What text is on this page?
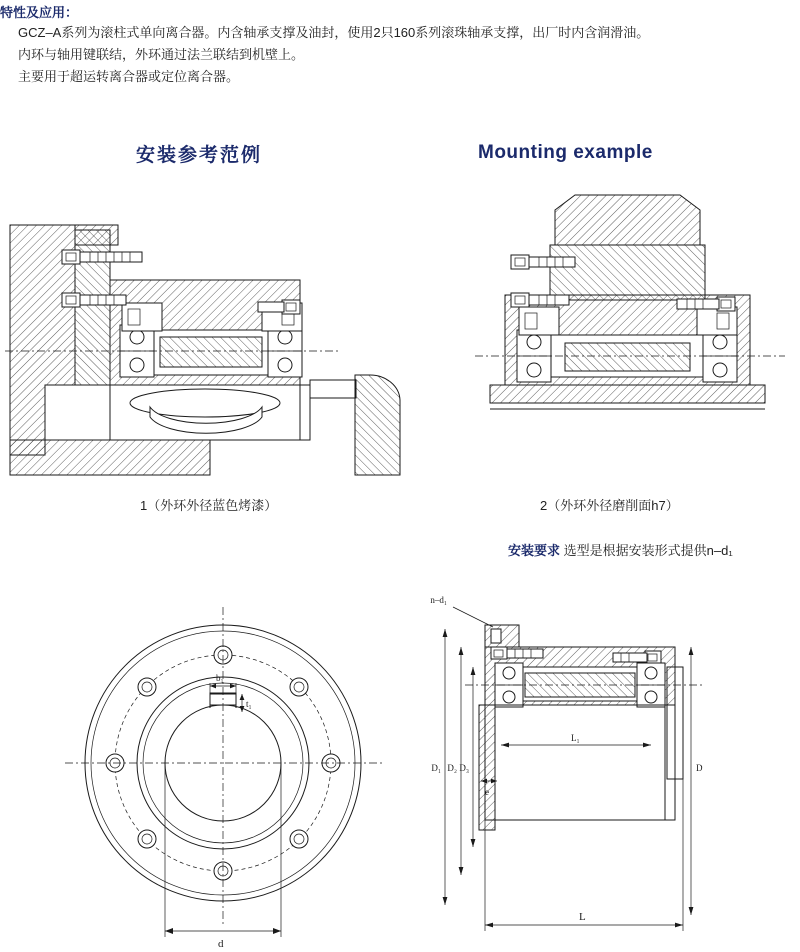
特性及应用：
GCZ–A系列为滚柱式单向离合器。内含轴承支撑及油封，使用2只160系列滚珠轴承支撑，出厂时内含润滑油。
内环与轴用键联结，外环通过法兰联结到机壁上。
主要用于超运转离合器或定位离合器。
安装参考范例	Mounting example
1（外环外径蓝色烤漆）	2（外环外径磨削面h7）
安装要求 选型是根据安装形式提供n–d₁
b₁
t₁
d
n–d₁
D₁ D₂ D₃	D
L₁
e
L
